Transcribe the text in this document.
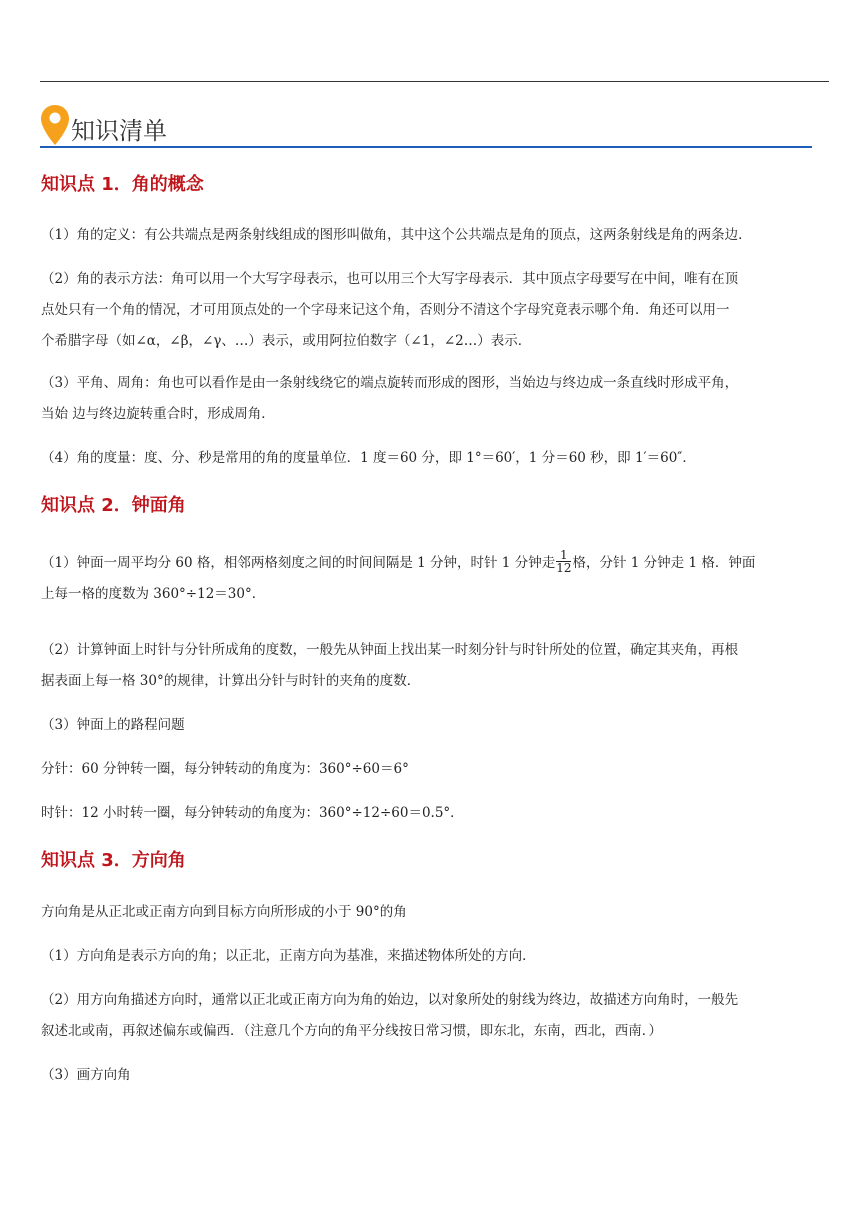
知识清单
知识点 1．角的概念
（1）角的定义：有公共端点是两条射线组成的图形叫做角，其中这个公共端点是角的顶点，这两条射线是角的两条边．
（2）角的表示方法：角可以用一个大写字母表示，也可以用三个大写字母表示．其中顶点字母要写在中间，唯有在顶
点处只有一个角的情况，才可用顶点处的一个字母来记这个角，否则分不清这个字母究竟表示哪个角．角还可以用一
个希腊字母（如∠α，∠β，∠γ、…）表示，或用阿拉伯数字（∠1，∠2…）表示．
（3）平角、周角：角也可以看作是由一条射线绕它的端点旋转而形成的图形，当始边与终边成一条直线时形成平角，
当始 边与终边旋转重合时，形成周角．
（4）角的度量：度、分、秒是常用的角的度量单位．1 度＝60 分，即 1°＝60′，1 分＝60 秒，即 1′＝60″．
知识点 2．钟面角
（1）钟面一周平均分 60 格，相邻两格刻度之间的时间间隔是 1 分钟，时针 1 分钟走 $\frac{1}{12}$ 格，分针 1 分钟走 1 格．钟面
上每一格的度数为 360°÷12＝30°．
（2）计算钟面上时针与分针所成角的度数，一般先从钟面上找出某一时刻分针与时针所处的位置，确定其夹角，再根
据表面上每一格 30°的规律，计算出分针与时针的夹角的度数．
（3）钟面上的路程问题
分针：60 分钟转一圈，每分钟转动的角度为：360°÷60＝6°
时针：12 小时转一圈，每分钟转动的角度为：360°÷12÷60＝0.5°．
知识点 3．方向角
方向角是从正北或正南方向到目标方向所形成的小于 90°的角
（1）方向角是表示方向的角；以正北，正南方向为基准，来描述物体所处的方向．
（2）用方向角描述方向时，通常以正北或正南方向为角的始边，以对象所处的射线为终边，故描述方向角时，一般先
叙述北或南，再叙述偏东或偏西．（注意几个方向的角平分线按日常习惯，即东北，东南，西北，西南．）
（3）画方向角
